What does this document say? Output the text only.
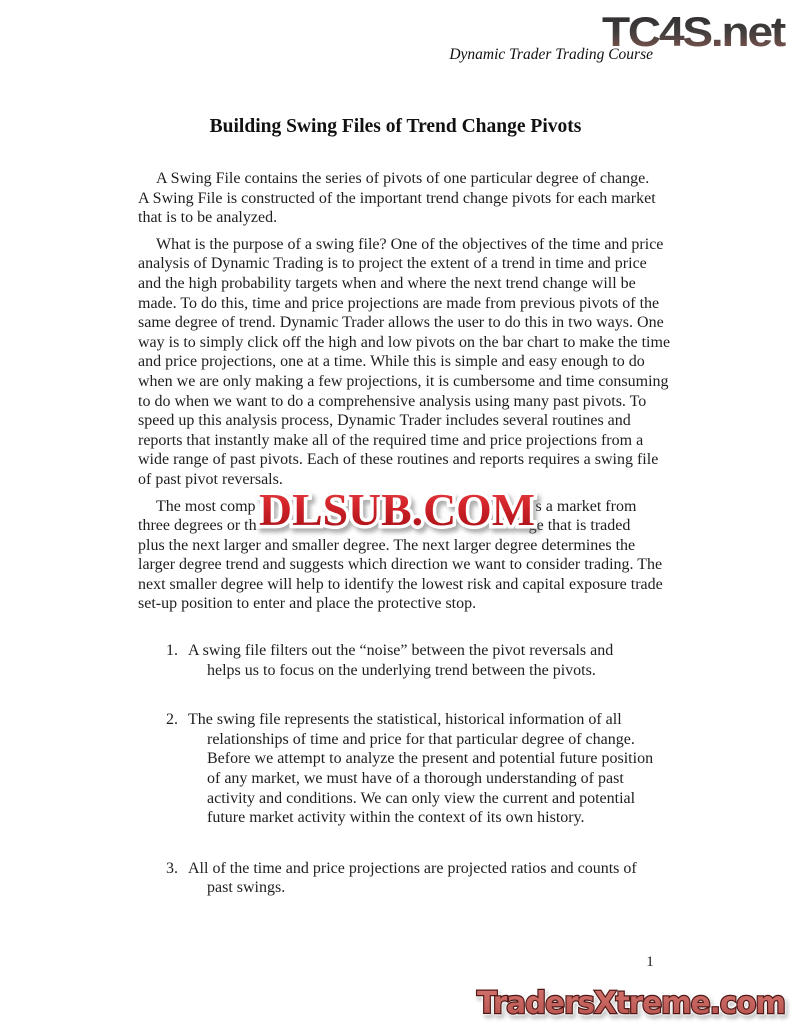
TC4S.net
Dynamic Trader Trading Course
Building Swing Files of Trend Change Pivots
A Swing File contains the series of pivots of one particular degree of change.
A Swing File is constructed of the important trend change pivots for each market
that is to be analyzed.
What is the purpose of a swing file? One of the objectives of the time and price
analysis of Dynamic Trading is to project the extent of a trend in time and price
and the high probability targets when and where the next trend change will be
made. To do this, time and price projections are made from previous pivots of the
same degree of trend. Dynamic Trader allows the user to do this in two ways. One
way is to simply click off the high and low pivots on the bar chart to make the time
and price projections, one at a time. While this is simple and easy enough to do
when we are only making a few projections, it is cumbersome and time consuming
to do when we want to do a comprehensive analysis using many past pivots. To
speed up this analysis process, Dynamic Trader includes several routines and
reports that instantly make all of the required time and price projections from a
wide range of past pivots. Each of these routines and reports requires a swing file
of past pivot reversals.
The most comp	s a market from
three degrees or th	ge that is traded
plus the next larger and smaller degree. The next larger degree determines the
larger degree trend and suggests which direction we want to consider trading. The
next smaller degree will help to identify the lowest risk and capital exposure trade
set-up position to enter and place the protective stop.
1. A swing file filters out the “noise” between the pivot reversals and
helps us to focus on the underlying trend between the pivots.
2. The swing file represents the statistical, historical information of all
relationships of time and price for that particular degree of change.
Before we attempt to analyze the present and potential future position
of any market, we must have of a thorough understanding of past
activity and conditions. We can only view the current and potential
future market activity within the context of its own history.
3. All of the time and price projections are projected ratios and counts of
past swings.
DLSUB.COM
1
TradersXtreme.com
